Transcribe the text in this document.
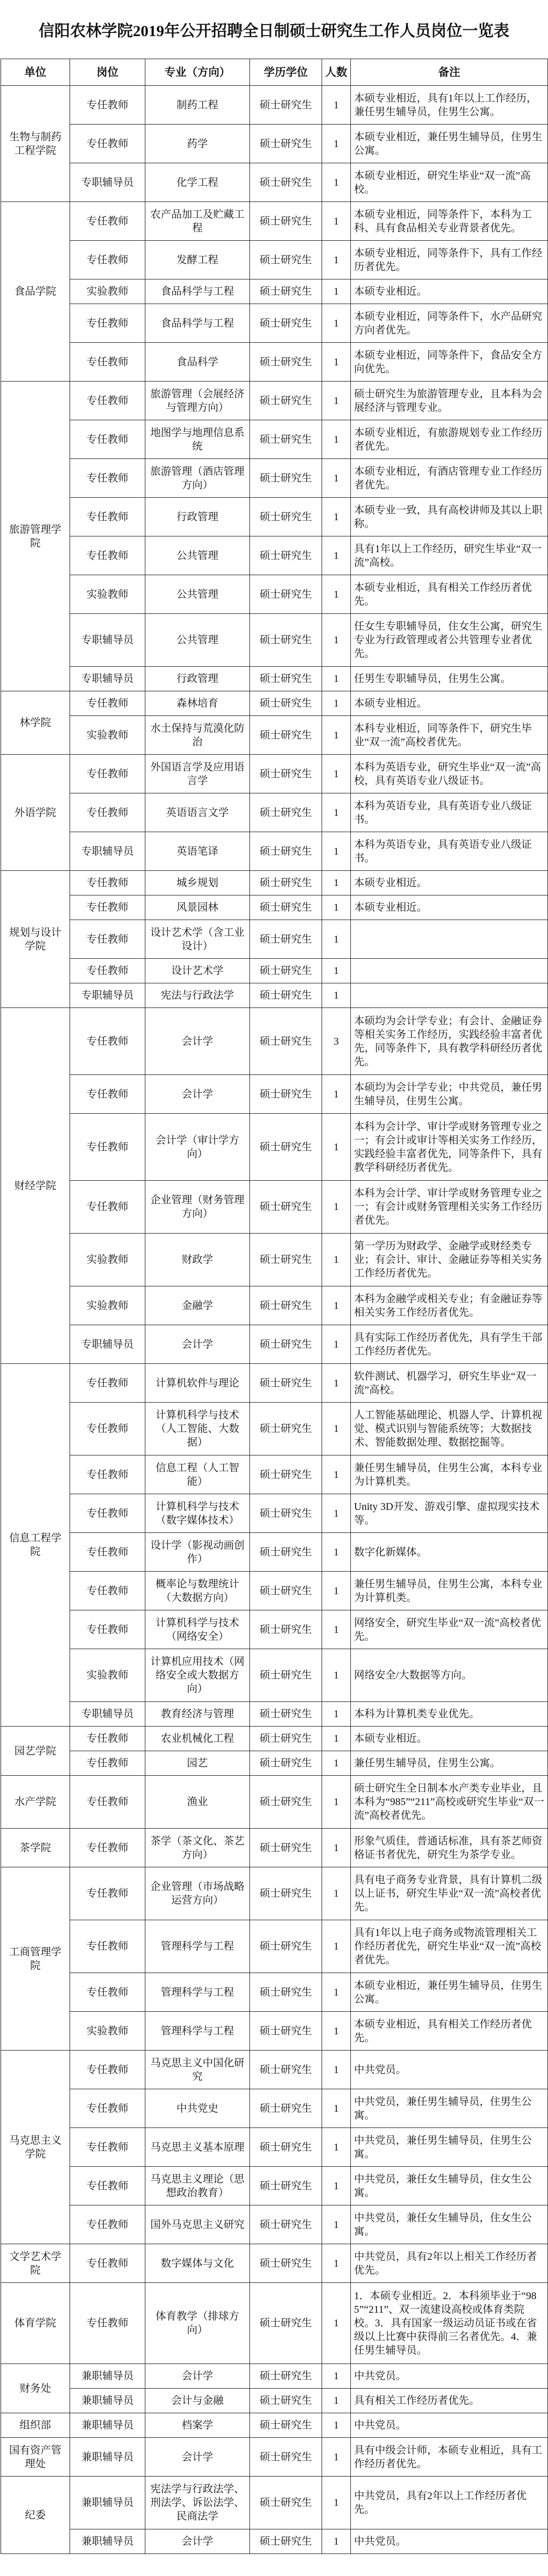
信阳农林学院2019年公开招聘全日制硕士研究生工作人员岗位一览表
单位	岗位	专业（方向）	学历学位	人数	备注
生物与制药工程学院	专任教师	制药工程	硕士研究生	1	本硕专业相近，具有1年以上工作经历，兼任男生辅导员，住男生公寓。
	专任教师	药学	硕士研究生	1	本硕专业相近，兼任男生辅导员，住男生公寓。
	专职辅导员	化学工程	硕士研究生	1	本硕专业相近，研究生毕业“双一流”高校。
食品学院	专任教师	农产品加工及贮藏工程	硕士研究生	1	本硕专业相近，同等条件下，本科为工科、具有食品相关专业背景者优先。
	专任教师	发酵工程	硕士研究生	1	本硕专业相近，同等条件下，具有工作经历者优先。
	实验教师	食品科学与工程	硕士研究生	1	本硕专业相近。
	专任教师	食品科学与工程	硕士研究生	1	本硕专业相近，同等条件下，水产品研究方向者优先。
	专任教师	食品科学	硕士研究生	1	本硕专业相近，同等条件下，食品安全方向优先。
旅游管理学院	专任教师	旅游管理（会展经济与管理方向）	硕士研究生	1	硕士研究生为旅游管理专业，且本科为会展经济与管理专业。
	专任教师	地图学与地理信息系统	硕士研究生	1	本硕专业相近，有旅游规划专业工作经历者优先。
	专任教师	旅游管理（酒店管理方向）	硕士研究生	1	本硕专业相近，有酒店管理专业工作经历者优先。
	专任教师	行政管理	硕士研究生	1	本硕专业一致，具有高校讲师及其以上职称。
	专任教师	公共管理	硕士研究生	1	具有1年以上工作经历，研究生毕业“双一流”高校。
	实验教师	公共管理	硕士研究生	1	本硕专业相近，具有相关工作经历者优先。
	专职辅导员	公共管理	硕士研究生	1	任女生专职辅导员，住女生公寓，研究生专业为行政管理或者公共管理专业者优先。
	专职辅导员	行政管理	硕士研究生	1	任男生专职辅导员，住男生公寓。
林学院	专任教师	森林培育	硕士研究生	1	本硕专业相近。
	实验教师	水土保持与荒漠化防治	硕士研究生	1	本科专业相近，同等条件下，研究生毕业“双一流”高校者优先。
外语学院	专任教师	外国语言学及应用语言学	硕士研究生	1	本科为英语专业，研究生毕业“双一流”高校，具有英语专业八级证书。
	专任教师	英语语言文学	硕士研究生	1	本科为英语专业，具有英语专业八级证书。
	专职辅导员	英语笔译	硕士研究生	1	本科为英语专业，具有英语专业八级证书。
规划与设计学院	专任教师	城乡规划	硕士研究生	1	本硕专业相近。
	专任教师	风景园林	硕士研究生	1	本硕专业相近。
	专任教师	设计艺术学（含工业设计）	硕士研究生	1	
	专任教师	设计艺术学	硕士研究生	1	
	专职辅导员	宪法与行政法学	硕士研究生	1	
财经学院	专任教师	会计学	硕士研究生	3	本硕均为会计学专业；有会计、金融证券等相关实务工作经历，实践经验丰富者优先，同等条件下，具有教学科研经历者优先。
	专任教师	会计学	硕士研究生	1	本硕均为会计学专业；中共党员，兼任男生辅导员，住男生公寓。
	专任教师	会计学（审计学方向）	硕士研究生	1	本科为会计学、审计学或财务管理专业之一；有会计或审计等相关实务工作经历，实践经验丰富者优先，同等条件下，具有教学科研经历者优先。
	专任教师	企业管理（财务管理方向）	硕士研究生	1	本科为会计学、审计学或财务管理专业之一；有会计或财务管理相关实务工作经历者优先。
	实验教师	财政学	硕士研究生	1	第一学历为财政学、金融学或财经类专业；有会计、审计、金融证券等相关实务工作经历者优先。
	实验教师	金融学	硕士研究生	1	本科为金融学或相关专业；有金融证券等相关实务工作经历者优先。
	专职辅导员	会计学	硕士研究生	1	具有实际工作经历者优先，具有学生干部工作经历者优先。
信息工程学院	专任教师	计算机软件与理论	硕士研究生	1	软件测试、机器学习，研究生毕业“双一流”高校。
	专任教师	计算机科学与技术（人工智能、大数据）	硕士研究生	1	人工智能基础理论、机器人学、计算机视觉、模式识别与智能系统等；大数据技术、智能数据处理、数据挖掘等。
	专任教师	信息工程（人工智能）	硕士研究生	1	兼任男生辅导员，住男生公寓，本科专业为计算机类。
	专任教师	计算机科学与技术（数字媒体技术）	硕士研究生	1	Unity 3D开发、游戏引擎、虚拟现实技术等。
	专任教师	设计学（影视动画创作）	硕士研究生	1	数字化新媒体。
	专任教师	概率论与数理统计（大数据方向）	硕士研究生	1	兼任男生辅导员，住男生公寓，本科专业为计算机类。
	专任教师	计算机科学与技术（网络安全）	硕士研究生	1	网络安全，研究生毕业“双一流”高校者优先。
	实验教师	计算机应用技术（网络安全或大数据方向）	硕士研究生	1	网络安全/大数据等方向。
	专职辅导员	教育经济与管理	硕士研究生	1	本科为计算机类专业优先。
园艺学院	专任教师	农业机械化工程	硕士研究生	1	本硕专业相近。
	专任教师	园艺	硕士研究生	1	兼任男生辅导员，住男生公寓。
水产学院	专任教师	渔业	硕士研究生	1	硕士研究生全日制本水产类专业毕业，且本科为“985”“211”高校或研究生毕业“双一流”高校者优先。
茶学院	专任教师	茶学（茶文化、茶艺方向）	硕士研究生	1	形象气质佳，普通话标准，具有茶艺师资格证书者优先，研究生为茶学专业。
工商管理学院	专任教师	企业管理（市场战略运营方向）	硕士研究生	1	具有电子商务专业背景，具有计算机二级以上证书，研究生毕业“双一流”高校者优先。
	专任教师	管理科学与工程	硕士研究生	1	具有1年以上电子商务或物流管理相关工作经历者优先，研究生毕业“双一流”高校者优先。
	专任教师	管理科学与工程	硕士研究生	1	本硕专业相近，兼任男生辅导员，住男生公寓。
	实验教师	管理科学与工程	硕士研究生	1	本硕专业相近，具有相关工作经历者优先。
马克思主义学院	专任教师	马克思主义中国化研究	硕士研究生	1	中共党员。
	专任教师	中共党史	硕士研究生	1	中共党员，兼任男生辅导员，住男生公寓。
	专任教师	马克思主义基本原理	硕士研究生	1	中共党员，兼任男生辅导员，住男生公寓。
	专任教师	马克思主义理论（思想政治教育）	硕士研究生	1	中共党员，兼任女生辅导员，住女生公寓。
	专任教师	国外马克思主义研究	硕士研究生	1	中共党员，兼任女生辅导员，住女生公寓。
文学艺术学院	专任教师	数字媒体与文化	硕士研究生	1	中共党员，具有2年以上相关工作经历者优先。
体育学院	专任教师	体育教学（排球方向）	硕士研究生	1	1．本硕专业相近。2．本科须毕业于“985”“211”、双一流建设高校或体育类院校。3．具有国家一级运动员证书或在省级以上比赛中获得前三名者优先。4．兼任男生辅导员。
财务处	兼职辅导员	会计学	硕士研究生	1	中共党员。
	兼职辅导员	会计与金融	硕士研究生	1	具有相关工作经历者优先。
组织部	兼职辅导员	档案学	硕士研究生	1	中共党员。
国有资产管理处	兼职辅导员	会计学	硕士研究生	1	具有中级会计师，本硕专业相近，具有工作经历者优先。
纪委	兼职辅导员	宪法学与行政法学、刑法学、诉讼法学、民商法学	硕士研究生	1	中共党员，具有2年以上工作经历者优先。
	兼职辅导员	会计学	硕士研究生	1	中共党员。
